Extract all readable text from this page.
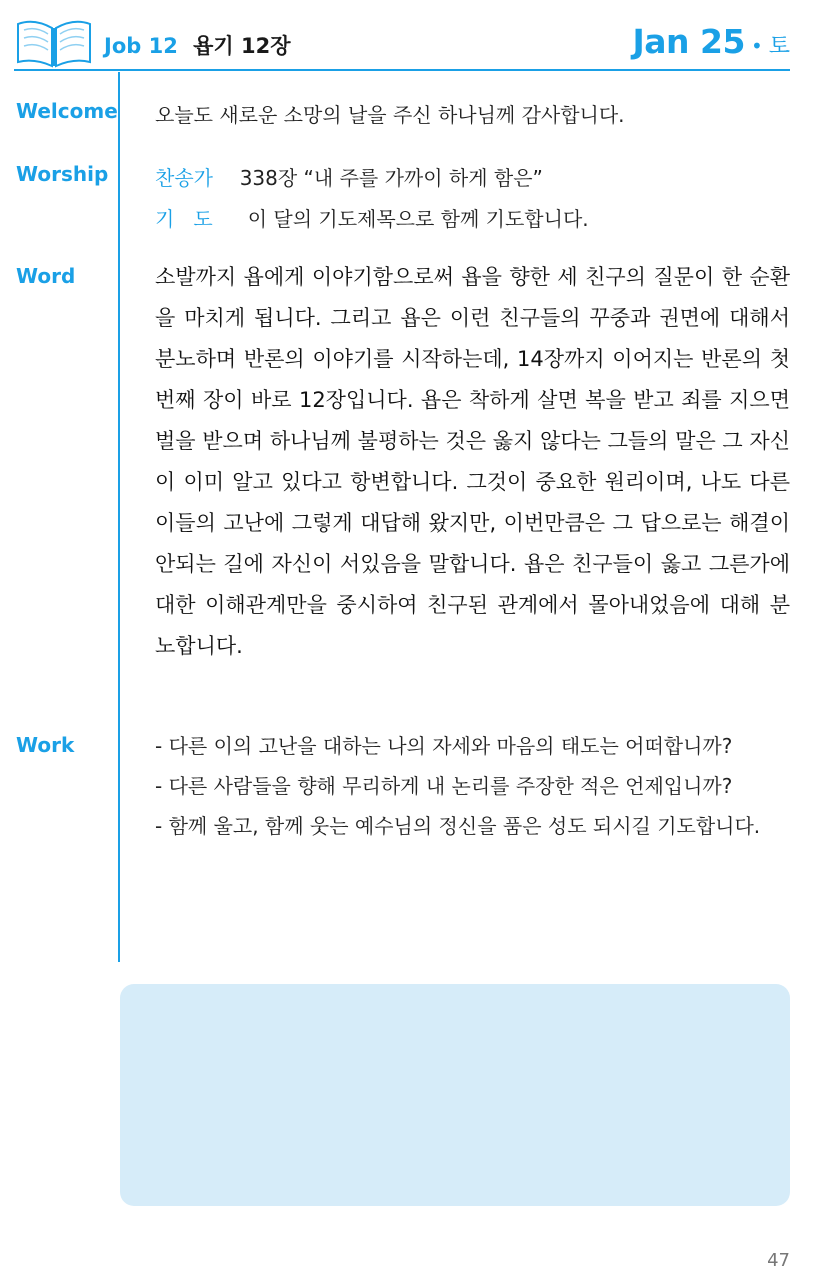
Job 12 욥기 12장	Jan 25 • 토
Welcome 오늘도 새로운 소망의 날을 주신 하나님께 감사합니다.
Worship 찬송가 338장 “내 주를 가까이 하게 함은”
기   도 이 달의 기도제목으로 함께 기도합니다.
Word	소발까지 욥에게 이야기함으로써 욥을 향한 세 친구의 질문이 한 순환을 마치게 됩니다. 그리고 욥은 이런 친구들의 꾸중과 권면에 대해서 분노하며 반론의 이야기를 시작하는데, 14장까지 이어지는 반론의 첫 번째 장이 바로 12장입니다. 욥은 착하게 살면 복을 받고 죄를 지으면 벌을 받으며 하나님께 불평하는 것은 옳지 않다는 그들의 말은 그 자신이 이미 알고 있다고 항변합니다. 그것이 중요한 원리이며, 나도 다른 이들의 고난에 그렇게 대답해 왔지만, 이번만큼은 그 답으로는 해결이 안되는 길에 자신이 서있음을 말합니다. 욥은 친구들이 옳고 그른가에 대한 이해관계만을 중시하여 친구된 관계에서 몰아내었음에 대해 분노합니다.
Work	- 다른 이의 고난을 대하는 나의 자세와 마음의 태도는 어떠합니까?
- 다른 사람들을 향해 무리하게 내 논리를 주장한 적은 언제입니까?
- 함께 울고, 함께 웃는 예수님의 정신을 품은 성도 되시길 기도합니다.
47
